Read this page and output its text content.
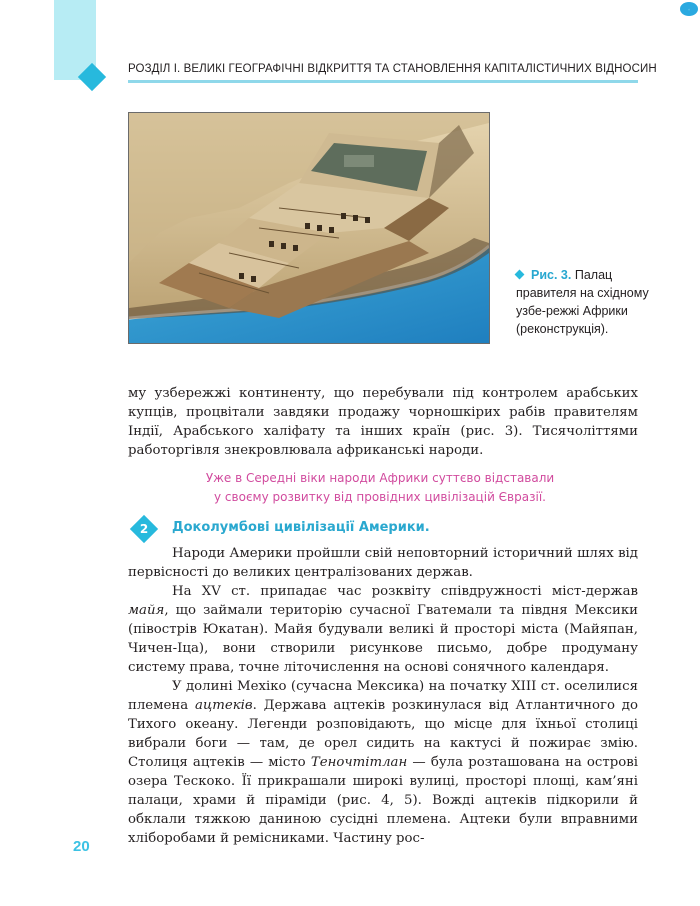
РОЗДІЛ І. ВЕЛИКІ ГЕОГРАФІЧНІ ВІДКРИТТЯ ТА СТАНОВЛЕННЯ КАПІТАЛІСТИЧНИХ ВІДНОСИН
◦
Рис. 3. Палац правителя на східному узбе-режжі Африки (реконструкція).

му узбережжі континенту, що перебували під контролем арабських купців, процвітали завдяки продажу чорношкірих рабів правителям Індії, Арабського халіфату та інших країн (рис. 3). Тисячоліттями работоргівля знекровлювала африканські народи.

Уже в Середні віки народи Африки суттєво відставали
у своєму розвитку від провідних цивілізацій Євразії.
2	Доколумбові цивілізації Америки.

Народи Америки пройшли свій неповторний історичний шлях від первісності до великих централізованих держав.

На XV ст. припадає час розквіту співдружності міст-держав майя, що займали територію сучасної Гватемали та півдня Мексики (півострів Юкатан). Майя будували великі й просторі міста (Майяпан, Чичен-Іца), вони створили рисункове письмо, добре продуману систему права, точне літочислення на основі сонячного календаря.

У долині Мехіко (сучасна Мексика) на початку XIII ст. оселилися племена ацтеків. Держава ацтеків розкинулася від Атлантичного до Тихого океану. Легенди розповідають, що місце для їхньої столиці вибрали боги — там, де орел сидить на кактусі й пожирає змію. Столиця ацтеків — місто Теночтітлан — була розташована на острові озера Тескоко. Її прикрашали широкі вулиці, просторі площі, кам’яні палаци, храми й піраміди (рис. 4, 5). Вожді ацтеків підкорили й обклали тяжкою даниною сусідні племена. Ацтеки були вправними хліборобами й ремісниками. Частину рос-

20
